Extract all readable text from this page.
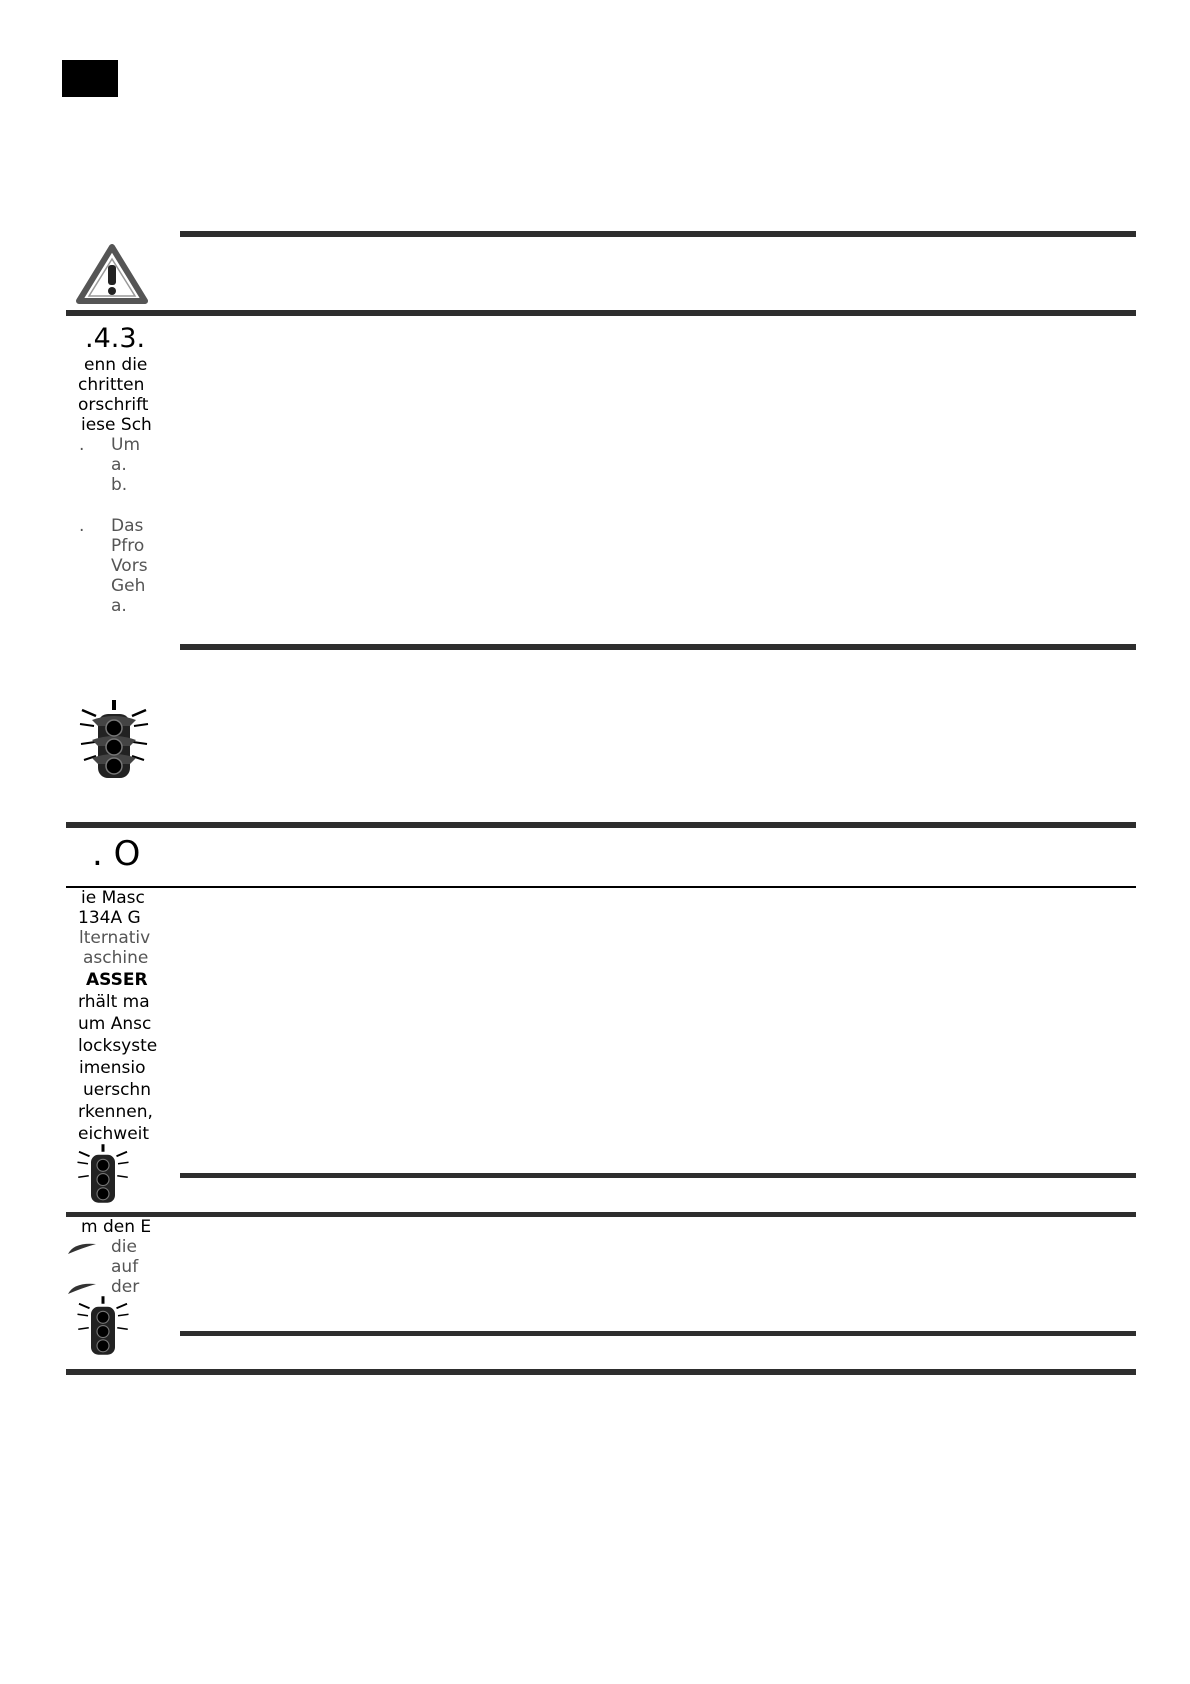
.4.3.
enn die
chritten
orschrift
iese Sch
. Um
a.
b.
. Das
Pfro
Vors
Geh
a.
. O
ie Masc
134A G
lternativ
aschine
ASSER
rhält ma
um Ansc
locksyste
imensio
uerschn
rkennen,
eichweit
m den E
die
auf
der
